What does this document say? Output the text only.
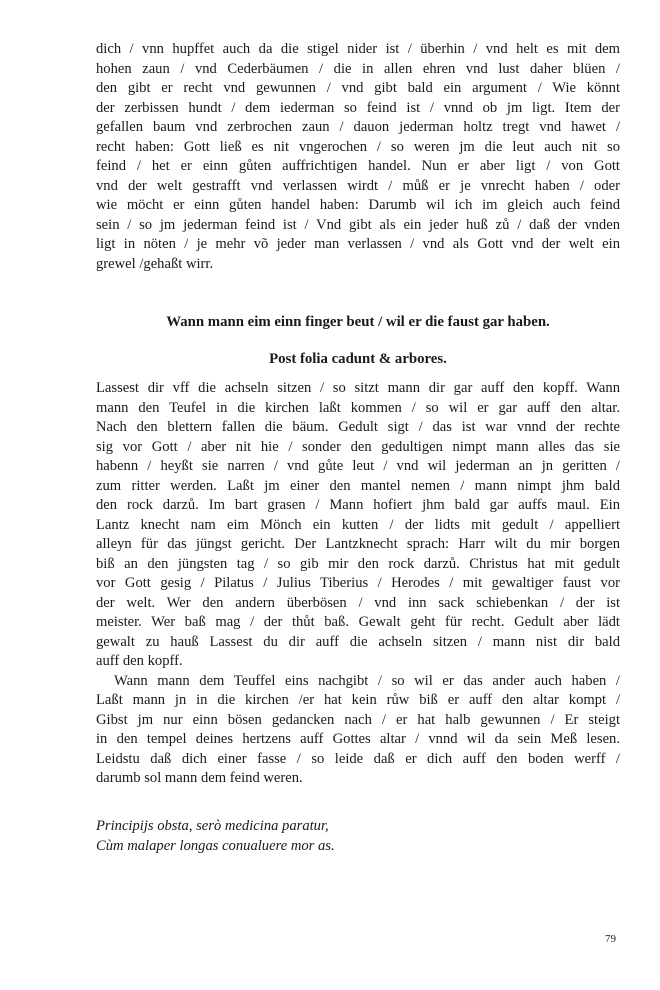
dich / vnn hupffet auch da die stigel nider ist / überhin / vnd helt es mit dem
hohen zaun / vnd Cederbäumen / die in allen ehren vnd lust daher blüen /
den gibt er recht vnd gewunnen / vnd gibt bald ein argument / Wie könnt
der zerbissen hundt / dem iederman so feind ist / vnnd ob jm ligt. Item der
gefallen baum vnd zerbrochen zaun / dauon jederman holtz tregt vnd hawet /
recht haben: Gott ließ es nit vngerochen / so weren jm die leut auch nit so
feind / het er einn gůten auffrichtigen handel. Nun er aber ligt / von Gott
vnd der welt gestrafft vnd verlassen wirdt / můß er je vnrecht haben / oder
wie möcht er einn gůten handel haben: Darumb wil ich im gleich auch feind
sein / so jm jederman feind ist / Vnd gibt als ein jeder huß zů / daß der vnden
ligt in nöten / je mehr võ jeder man verlassen / vnd als Gott vnd der welt ein
grewel /gehaßt wirr.
Wann mann eim einn finger beut / wil er die faust gar haben.
Post folia cadunt & arbores.
Lassest dir vff die achseln sitzen / so sitzt mann dir gar auff den kopff. Wann
mann den Teufel in die kirchen laßt kommen / so wil er gar auff den altar.
Nach den blettern fallen die bäum. Gedult sigt / das ist war vnnd der rechte
sig vor Gott / aber nit hie / sonder den gedultigen nimpt mann alles das sie
habenn / heyßt sie narren / vnd gůte leut / vnd wil jederman an jn geritten /
zum ritter werden. Laßt jm einer den mantel nemen / mann nimpt jhm bald
den rock darzů. Im bart grasen / Mann hofiert jhm bald gar auffs maul. Ein
Lantz knecht nam eim Mönch ein kutten / der lidts mit gedult / appelliert
alleyn für das jüngst gericht. Der Lantzknecht sprach: Harr wilt du mir borgen
biß an den jüngsten tag / so gib mir den rock darzů. Christus hat mit gedult
vor Gott gesig / Pilatus / Julius Tiberius / Herodes / mit gewaltiger faust vor
der welt. Wer den andern überbösen / vnd inn sack schiebenkan / der ist
meister. Wer baß mag / der thůt baß. Gewalt geht für recht. Gedult aber lädt
gewalt zu hauß Lassest du dir auff die achseln sitzen / mann nist dir bald
auff den kopff.
Wann mann dem Teuffel eins nachgibt / so wil er das ander auch haben /
Laßt mann jn in die kirchen /er hat kein růw biß er auff den altar kompt /
Gibst jm nur einn bösen gedancken nach / er hat halb gewunnen / Er steigt
in den tempel deines hertzens auff Gottes altar / vnnd wil da sein Meß lesen.
Leidstu daß dich einer fasse / so leide daß er dich auff den boden werff /
darumb sol mann dem feind weren.
Principijs obsta, serò medicina paratur,
Cùm malaper longas conualuere mor as.
79
